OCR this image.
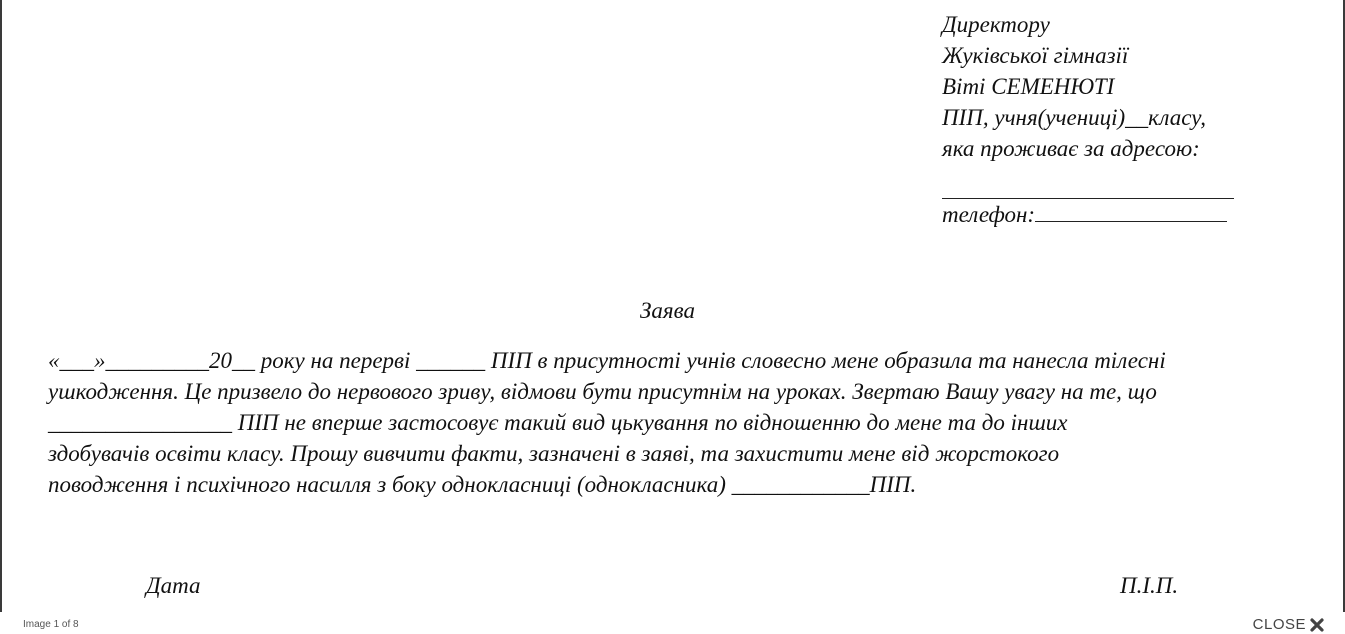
Директору
Жуківської гімназії
Віті СЕМЕНЮТІ
ПІП, учня(учениці)__класу,
яка проживає за адресою:
телефон:
Заява
«___»_________20__ року на перерві ______ ПІП в присутності учнів словесно мене образила та нанесла тілесні
ушкодження. Це призвело до нервового зриву, відмови бути присутнім на уроках. Звертаю Вашу увагу на те, що
________________ ПІП не вперше застосовує такий вид цькування по відношенню до мене та до інших
здобувачів освіти класу. Прошу вивчити факти, зазначені в заяві, та захистити мене від жорстокого
поводження і психічного насилля з боку однокласниці (однокласника) ____________ПІП.
Дата	П.І.П.
Image 1 of 8	CLOSE
